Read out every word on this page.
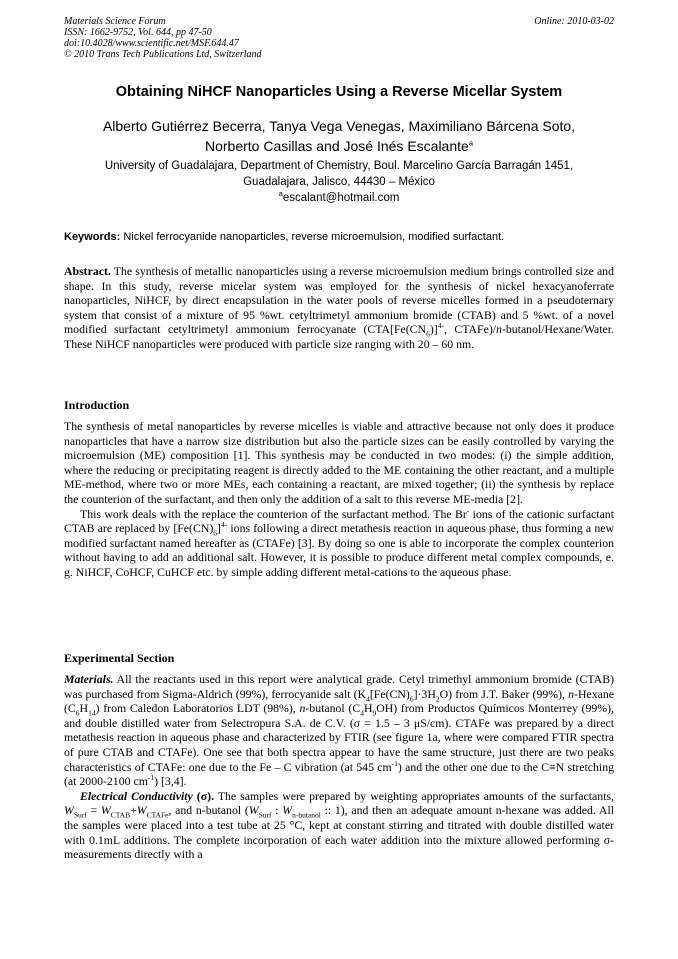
Materials Science Forum
ISSN: 1662-9752, Vol. 644, pp 47-50
doi:10.4028/www.scientific.net/MSF.644.47
© 2010 Trans Tech Publications Ltd, Switzerland
Online: 2010-03-02
Obtaining NiHCF Nanoparticles Using a Reverse Micellar System
Alberto Gutiérrez Becerra, Tanya Vega Venegas, Maximiliano Bárcena Soto,
Norberto Casillas and José Inés Escalante$^a$
University of Guadalajara, Department of Chemistry, Boul. Marcelino García Barragán 1451,
Guadalajara, Jalisco, 44430 – México
$^a$escalant@hotmail.com
Keywords: Nickel ferrocyanide nanoparticles, reverse microemulsion, modified surfactant.

Abstract. The synthesis of metallic nanoparticles using a reverse microemulsion medium brings controlled size and shape. In this study, reverse micelar system was employed for the synthesis of nickel hexacyanoferrate nanoparticles, NiHCF, by direct encapsulation in the water pools of reverse micelles formed in a pseudoternary system that consist of a mixture of 95 %wt. cetyltrimetyl ammonium bromide (CTAB) and 5 %wt. of a novel modified surfactant cetyltrimetyl ammonium ferrocyanate ($CTA[Fe(CN_6)]^{4-}$, CTAFe)/n-butanol/Hexane/Water. These NiHCF nanoparticles were produced with particle size ranging with 20 – 60 nm.

Introduction

The synthesis of metal nanoparticles by reverse micelles is viable and attractive because not only does it produce nanoparticles that have a narrow size distribution but also the particle sizes can be easily controlled by varying the microemulsion (ME) composition [1]. This synthesis may be conducted in two modes: (i) the simple addition, where the reducing or precipitating reagent is directly added to the ME containing the other reactant, and a multiple ME-method, where two or more MEs, each containing a reactant, are mixed together; (ii) the synthesis by replace the counterion of the surfactant, and then only the addition of a salt to this reverse ME-media [2].

This work deals with the replace the counterion of the surfactant method. The Br- ions of the cationic surfactant CTAB are replaced by $[Fe(CN)_6]^{4-}$ ions following a direct metathesis reaction in aqueous phase, thus forming a new modified surfactant named hereafter as (CTAFe) [3]. By doing so one is able to incorporate the complex counterion without having to add an additional salt. However, it is possible to produce different metal complex compounds, e. g. NiHCF, CoHCF, CuHCF etc. by simple adding different metal-cations to the aqueous phase.

Experimental Section

Materials. All the reactants used in this report were analytical grade. Cetyl trimethyl ammonium bromide (CTAB) was purchased from Sigma-Aldrich (99%), ferrocyanide salt $(K_4[Fe(CN)_6]\cdot 3H_2O)$ from J.T. Baker (99%), n-Hexane $(C_6H_{14})$ from Caledon Laboratorios LDT (98%), n-butanol $(C_4H_9OH)$ from Productos Químicos Monterrey (99%), and double distilled water from Selectropura S.A. de C.V. (σ = 1.5 – 3 μS/cm). CTAFe was prepared by a direct metathesis reaction in aqueous phase and characterized by FTIR (see figure 1a, where were compared FTIR spectra of pure CTAB and CTAFe). One see that both spectra appear to have the same structure, just there are two peaks characteristics of CTAFe: one due to the Fe – C vibration (at 545 $cm^{-1}$) and the other one due to the C≡N stretching (at 2000-2100 $cm^{-1}$) [3,4].

Electrical Conductivity (σ). The samples were prepared by weighting appropriates amounts of the surfactants, $W_{Surf} = W_{CTAB}+W_{CTAFe}$, and n-butanol ($W_{Surf}$ : $W_{n-butanol}$ :: 1), and then an adequate amount n-hexane was added. All the samples were placed into a test tube at 25 °C, kept at constant stirring and titrated with double distilled water with 0.1mL additions. The complete incorporation of each water addition into the mixture allowed performing σ-measurements directly with a
